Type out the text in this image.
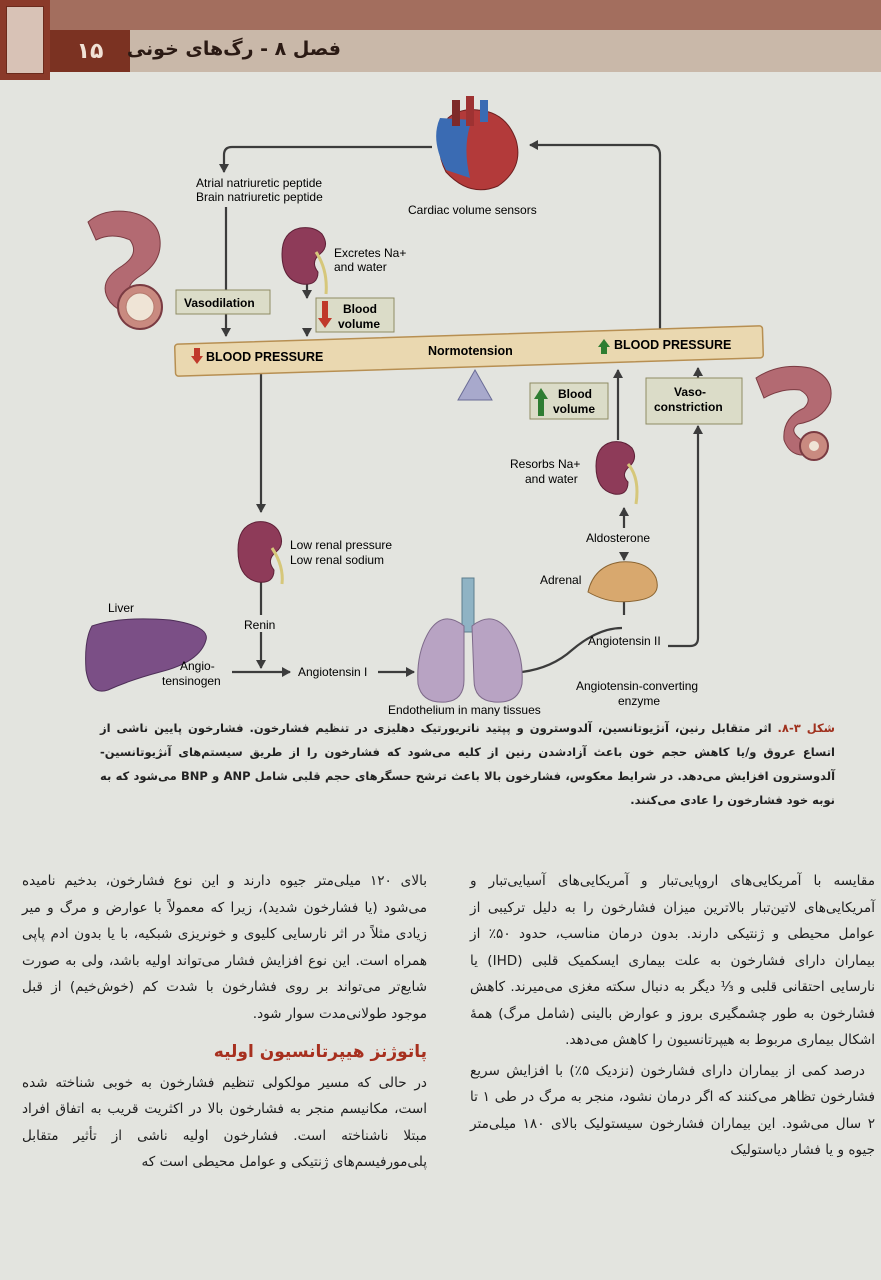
۱۵	فصل ۸ - رگ‌های خونی
BLOOD PRESSURE	Normotension	BLOOD PRESSURE
Cardiac volume sensors
Atrial natriuretic peptide
Brain natriuretic peptide
Vasodilation
Excretes Na+
and water
Blood
volume
Blood
volume
Vaso-
constriction
Resorbs Na+
and water
Aldosterone
Adrenal
Angiotensin II
Low renal pressure
Low renal sodium
Renin
Liver
Angio-
tensinogen
Angiotensin I
Angiotensin-converting
enzyme
Endothelium in many tissues
شکل ۳-۸. اثر متقابل رنین، آنژیوتانسین، آلدوسترون و پپتید ناتریورتیک دهلیزی در تنظیم فشارخون. فشارخون پایین ناشی از اتساع عروق و/یا کاهش حجم خون باعث آزادشدن رنین از کلیه می‌شود که فشارخون را از طریق سیستم‌های آنژیوتانسین- آلدوسترون افزایش می‌دهد. در شرایط معکوس، فشارخون بالا باعث ترشح حسگرهای حجم قلبی شامل ANP و BNP می‌شود که به نوبه خود فشارخون را عادی می‌کنند.

مقایسه با آمریکایی‌های اروپایی‌تبار و آمریکایی‌های آسیایی‌تبار و آمریکایی‌های لاتین‌تبار بالاترین میزان فشارخون را به دلیل ترکیبی از عوامل محیطی و ژنتیکی دارند. بدون درمان مناسب، حدود ۵۰٪ از بیماران دارای فشارخون به علت بیماری ایسکمیک قلبی (IHD) یا نارسایی احتقانی قلبی و ⅓ دیگر به دنبال سکته مغزی می‌میرند. کاهش فشارخون به طور چشمگیری بروز و عوارض بالینی (شامل مرگ) همهٔ اشکال بیماری مربوط به هیپرتانسیون را کاهش می‌دهد.

درصد کمی از بیماران دارای فشارخون (نزدیک ۵٪) با افزایش سریع فشارخون تظاهر می‌کنند که اگر درمان نشود، منجر به مرگ در طی ۱ تا ۲ سال می‌شود. این بیماران فشارخون سیستولیک بالای ۱۸۰ میلی‌متر جیوه و یا فشار دیاستولیک

بالای ۱۲۰ میلی‌متر جیوه دارند و این نوع فشارخون، بدخیم نامیده می‌شود (یا فشارخون شدید)، زیرا که معمولاً با عوارض و مرگ و میر زیادی مثلاً در اثر نارسایی کلیوی و خونریزی شبکیه، با یا بدون ادم پاپی همراه است. این نوع افزایش فشار می‌تواند اولیه باشد، ولی به صورت شایع‌تر می‌تواند بر روی فشارخون با شدت کم (خوش‌خیم) از قبل موجود طولانی‌مدت سوار شود.

پاتوژنز هیپرتانسیون اولیه

در حالی که مسیر مولکولی تنظیم فشارخون به خوبی شناخته شده است، مکانیسم منجر به فشارخون بالا در اکثریت قریب به اتفاق افراد مبتلا ناشناخته است. فشارخون اولیه ناشی از تأثیر متقابل پلی‌مورفیسم‌های ژنتیکی و عوامل محیطی است که
